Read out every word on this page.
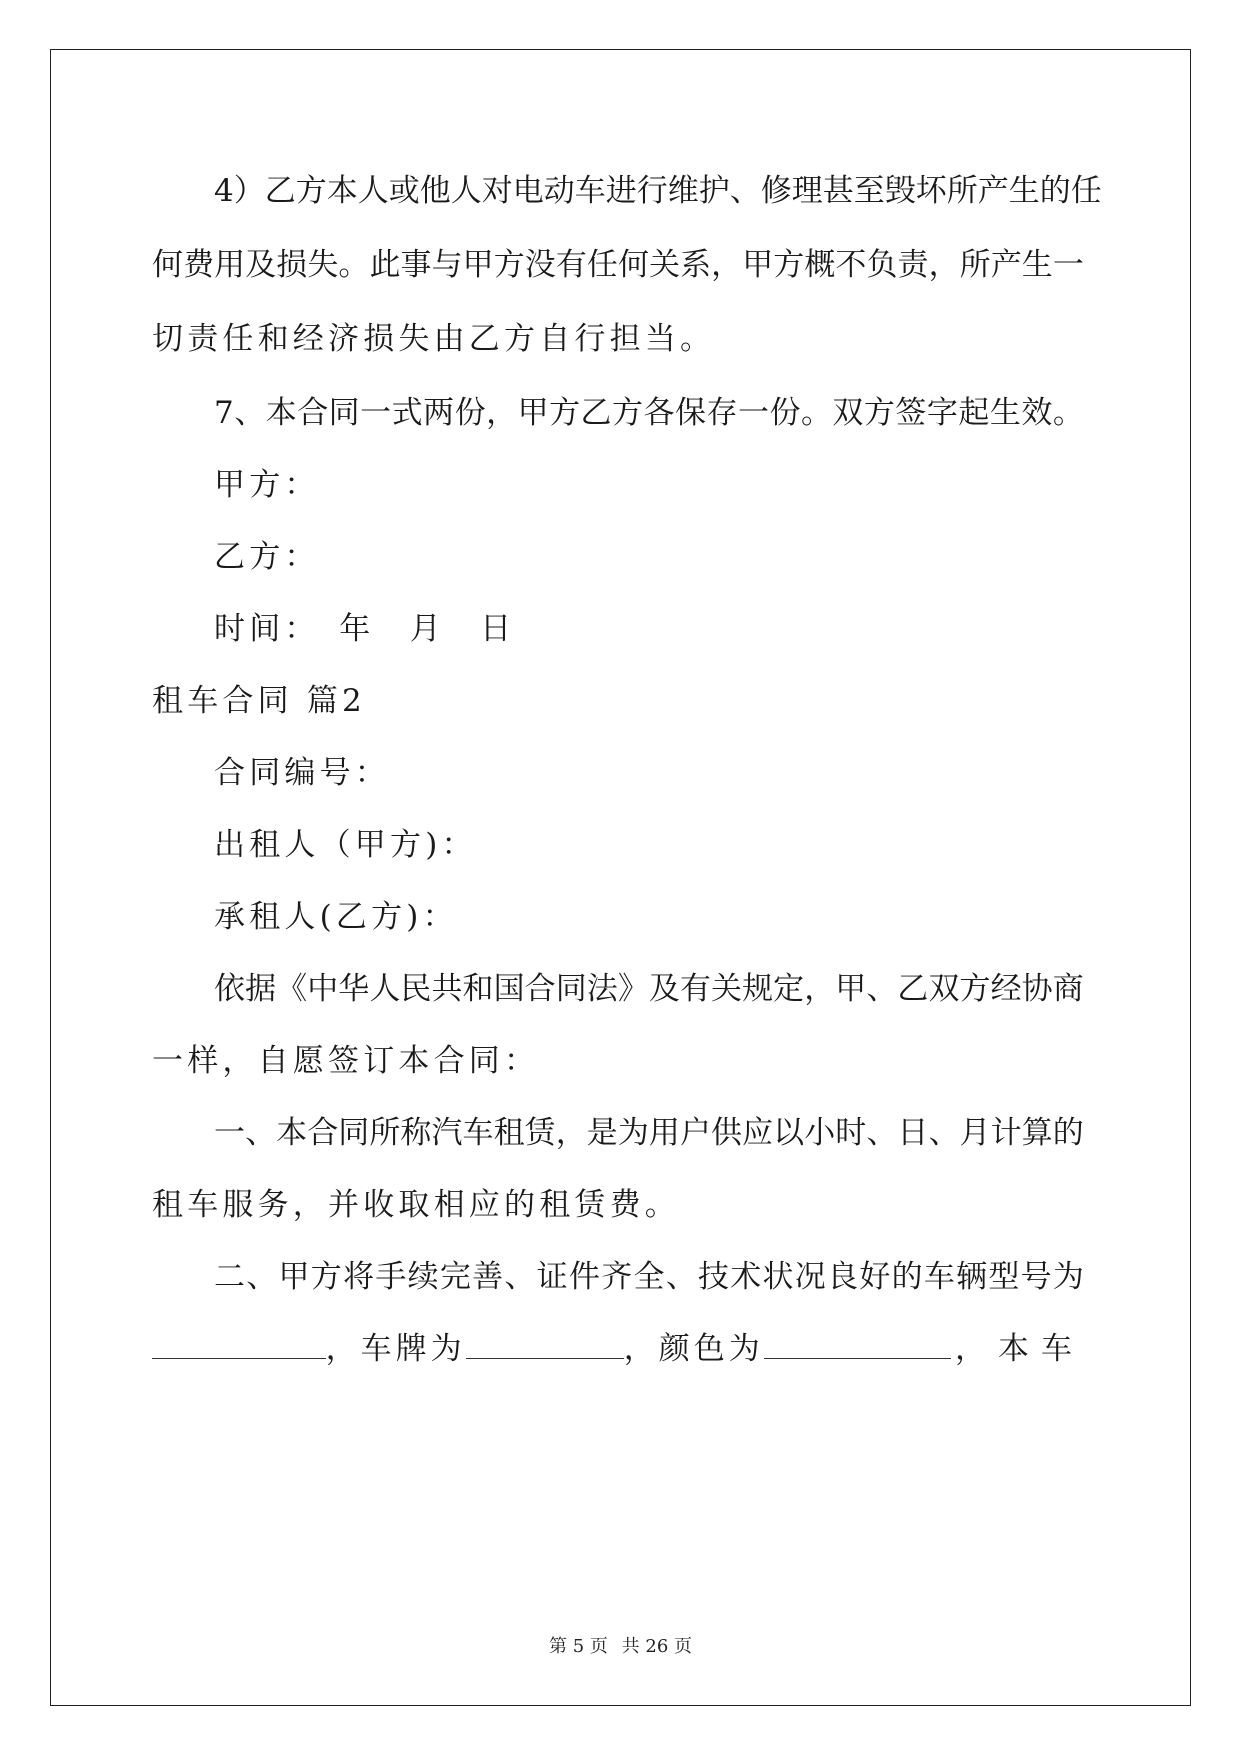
4 ） 乙 方 本 人 或 他 人 对 电 动 车 进 行 维 护 、 修 理 甚 至 毁 坏 所 产 生 的 任
何 费 用 及 损 失 。 此 事 与 甲 方 没 有 任 何 关 系 ， 甲 方 概 不 负 责 ， 所 产 生 一
切责任和经济损失由乙方自行担当。
7 、 本 合 同 一 式 两 份 ， 甲 方 乙 方 各 保 存 一 份 。 双 方 签 字 起 生 效 。
甲方：
乙方：
时间：　年　月　日
租车合同 篇2
合同编号：
出租人（甲方)：
承租人(乙方)：
依 据 《 中 华 人 民 共 和 国 合 同 法 》 及 有 关 规 定 ， 甲 、 乙 双 方 经 协 商
一样，自愿签订本合同：
一 、 本 合 同 所 称 汽 车 租 赁 ， 是 为 用 户 供 应 以 小 时 、 日 、 月 计 算 的
租车服务，并收取相应的租赁费。
二 、 甲 方 将 手 续 完 善 、 证 件 齐 全 、 技 术 状 况 良 好 的 车 辆 型 号 为
，车牌为	，颜色为	，本车
第 5 页 共 26 页
